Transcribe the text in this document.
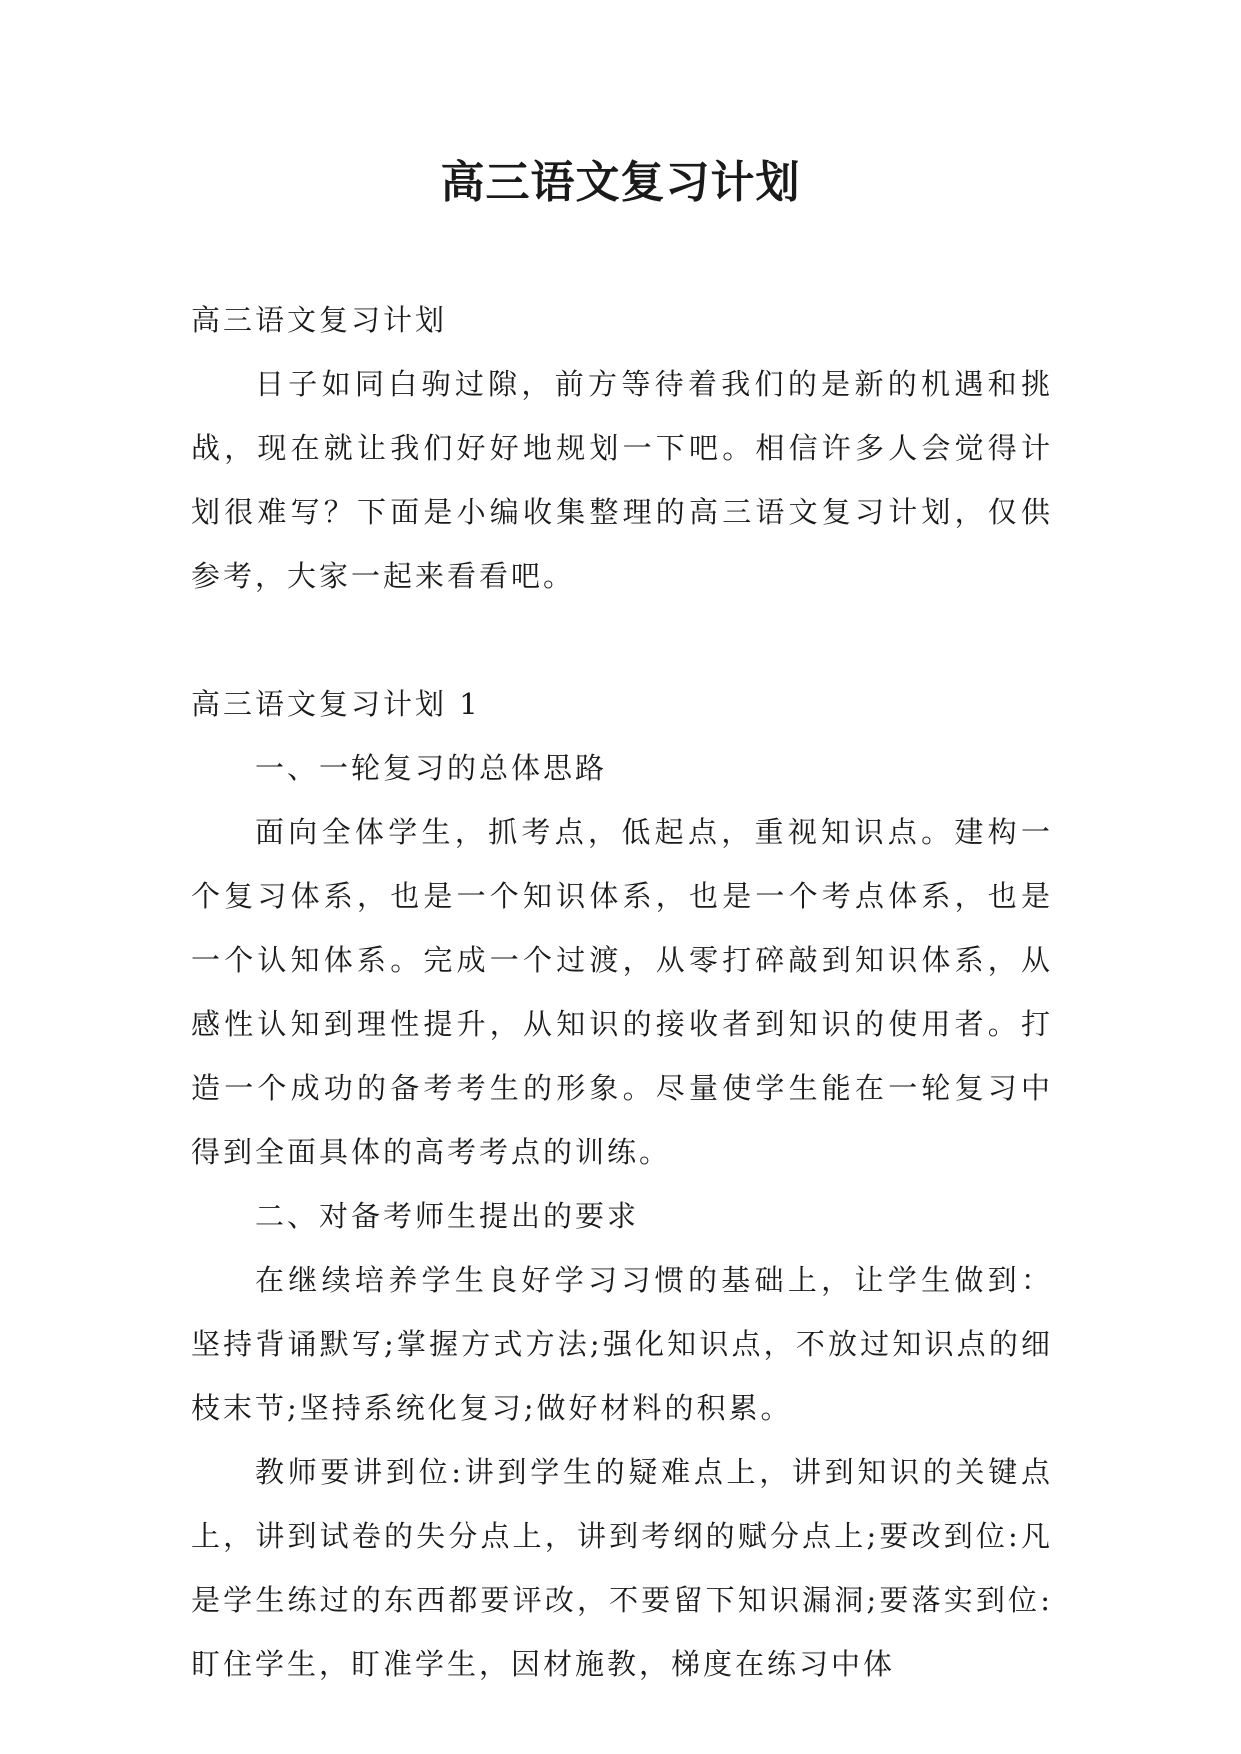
高三语文复习计划

高三语文复习计划

日子如同白驹过隙，前方等待着我们的是新的机遇和挑战，现在就让我们好好地规划一下吧。相信许多人会觉得计划很难写？下面是小编收集整理的高三语文复习计划，仅供参考，大家一起来看看吧。

高三语文复习计划 1

一、一轮复习的总体思路

面向全体学生，抓考点，低起点，重视知识点。建构一个复习体系，也是一个知识体系，也是一个考点体系，也是一个认知体系。完成一个过渡，从零打碎敲到知识体系，从感性认知到理性提升，从知识的接收者到知识的使用者。打造一个成功的备考考生的形象。尽量使学生能在一轮复习中得到全面具体的高考考点的训练。

二、对备考师生提出的要求

在继续培养学生良好学习习惯的基础上，让学生做到：坚持背诵默写;掌握方式方法;强化知识点，不放过知识点的细枝末节;坚持系统化复习;做好材料的积累。

教师要讲到位:讲到学生的疑难点上，讲到知识的关键点上，讲到试卷的失分点上，讲到考纲的赋分点上;要改到位:凡是学生练过的东西都要评改，不要留下知识漏洞;要落实到位:盯住学生，盯准学生，因材施教，梯度在练习中体
